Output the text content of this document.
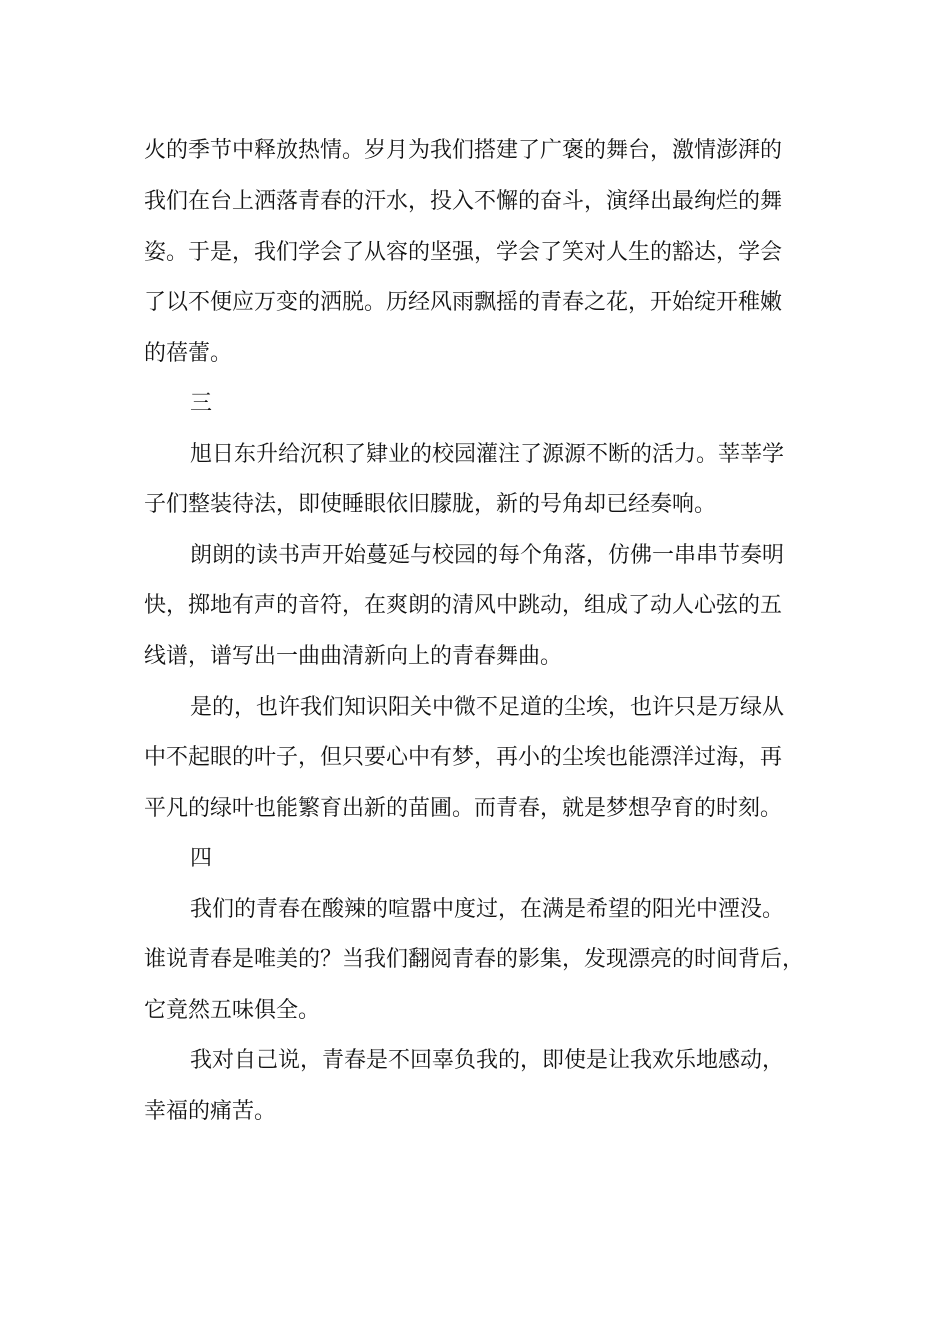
火的季节中释放热情。岁月为我们搭建了广褒的舞台，激情澎湃的
我们在台上洒落青春的汗水，投入不懈的奋斗，演绎出最绚烂的舞
姿。于是，我们学会了从容的坚强，学会了笑对人生的豁达，学会
了以不便应万变的洒脱。历经风雨飘摇的青春之花，开始绽开稚嫩
的蓓蕾。
三
旭日东升给沉积了肄业的校园灌注了源源不断的活力。莘莘学
子们整装待法，即使睡眼依旧朦胧，新的号角却已经奏响。
朗朗的读书声开始蔓延与校园的每个角落，仿佛一串串节奏明
快，掷地有声的音符，在爽朗的清风中跳动，组成了动人心弦的五
线谱，谱写出一曲曲清新向上的青春舞曲。
是的，也许我们知识阳关中微不足道的尘埃，也许只是万绿从
中不起眼的叶子，但只要心中有梦，再小的尘埃也能漂洋过海，再
平凡的绿叶也能繁育出新的苗圃。而青春，就是梦想孕育的时刻。
四
我们的青春在酸辣的喧嚣中度过，在满是希望的阳光中湮没。
谁说青春是唯美的？当我们翻阅青春的影集，发现漂亮的时间背后，
它竟然五味俱全。
我对自己说，青春是不回辜负我的，即使是让我欢乐地感动，
幸福的痛苦。
